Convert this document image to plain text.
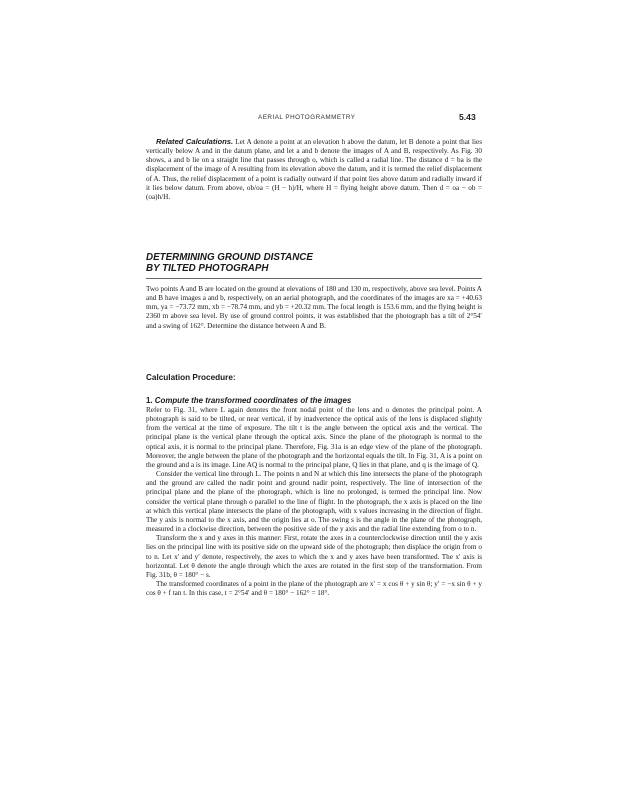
AERIAL PHOTOGRAMMETRY	5.43

Related Calculations. Let A denote a point at an elevation h above the datum, let B denote a point that lies vertically below A and in the datum plane, and let a and b denote the images of A and B, respectively. As Fig. 30 shows, a and b lie on a straight line that passes through o, which is called a radial line. The distance d = ba is the displacement of the image of A resulting from its elevation above the datum, and it is termed the relief displacement of A. Thus, the relief displacement of a point is radially outward if that point lies above datum and radially inward if it lies below datum. From above, ob/oa = (H − h)/H, where H = flying height above datum. Then d = oa − ob = (oa)h/H.

DETERMINING GROUND DISTANCE

BY TILTED PHOTOGRAPH

Two points A and B are located on the ground at elevations of 180 and 130 m, respectively, above sea level. Points A and B have images a and b, respectively, on an aerial photograph, and the coordinates of the images are xa = +40.63 mm, ya = −73.72 mm, xb = −78.74 mm, and yb = +20.32 mm. The focal length is 153.6 mm, and the flying height is 2360 m above sea level. By use of ground control points, it was established that the photograph has a tilt of 2°54′ and a swing of 162°. Determine the distance between A and B.

Calculation Procedure:

1. Compute the transformed coordinates of the images

Refer to Fig. 31, where L again denotes the front nodal point of the lens and o denotes the principal point. A photograph is said to be tilted, or near vertical, if by inadvertence the optical axis of the lens is displaced slightly from the vertical at the time of exposure. The tilt t is the angle between the optical axis and the vertical. The principal plane is the vertical plane through the optical axis. Since the plane of the photograph is normal to the optical axis, it is normal to the principal plane. Therefore, Fig. 31a is an edge view of the plane of the photograph. Moreover, the angle between the plane of the photograph and the horizontal equals the tilt. In Fig. 31, A is a point on the ground and a is its image. Line AQ is normal to the principal plane, Q lies in that plane, and q is the image of Q.

Consider the vertical line through L. The points n and N at which this line intersects the plane of the photograph and the ground are called the nadir point and ground nadir point, respectively. The line of intersection of the principal plane and the plane of the photograph, which is line no prolonged, is termed the principal line. Now consider the vertical plane through o parallel to the line of flight. In the photograph, the x axis is placed on the line at which this vertical plane intersects the plane of the photograph, with x values increasing in the direction of flight. The y axis is normal to the x axis, and the origin lies at o. The swing s is the angle in the plane of the photograph, measured in a clockwise direction, between the positive side of the y axis and the radial line extending from o to n.

Transform the x and y axes in this manner: First, rotate the axes in a counterclockwise direction until the y axis lies on the principal line with its positive side on the upward side of the photograph; then displace the origin from o to n. Let x′ and y′ denote, respectively, the axes to which the x and y axes have been transformed. The x′ axis is horizontal. Let θ denote the angle through which the axes are rotated in the first step of the transformation. From Fig. 31b, θ = 180° − s.

The transformed coordinates of a point in the plane of the photograph are x′ = x cos θ + y sin θ; y′ = −x sin θ + y cos θ + f tan t. In this case, t = 2°54′ and θ = 180° − 162° = 18°.
